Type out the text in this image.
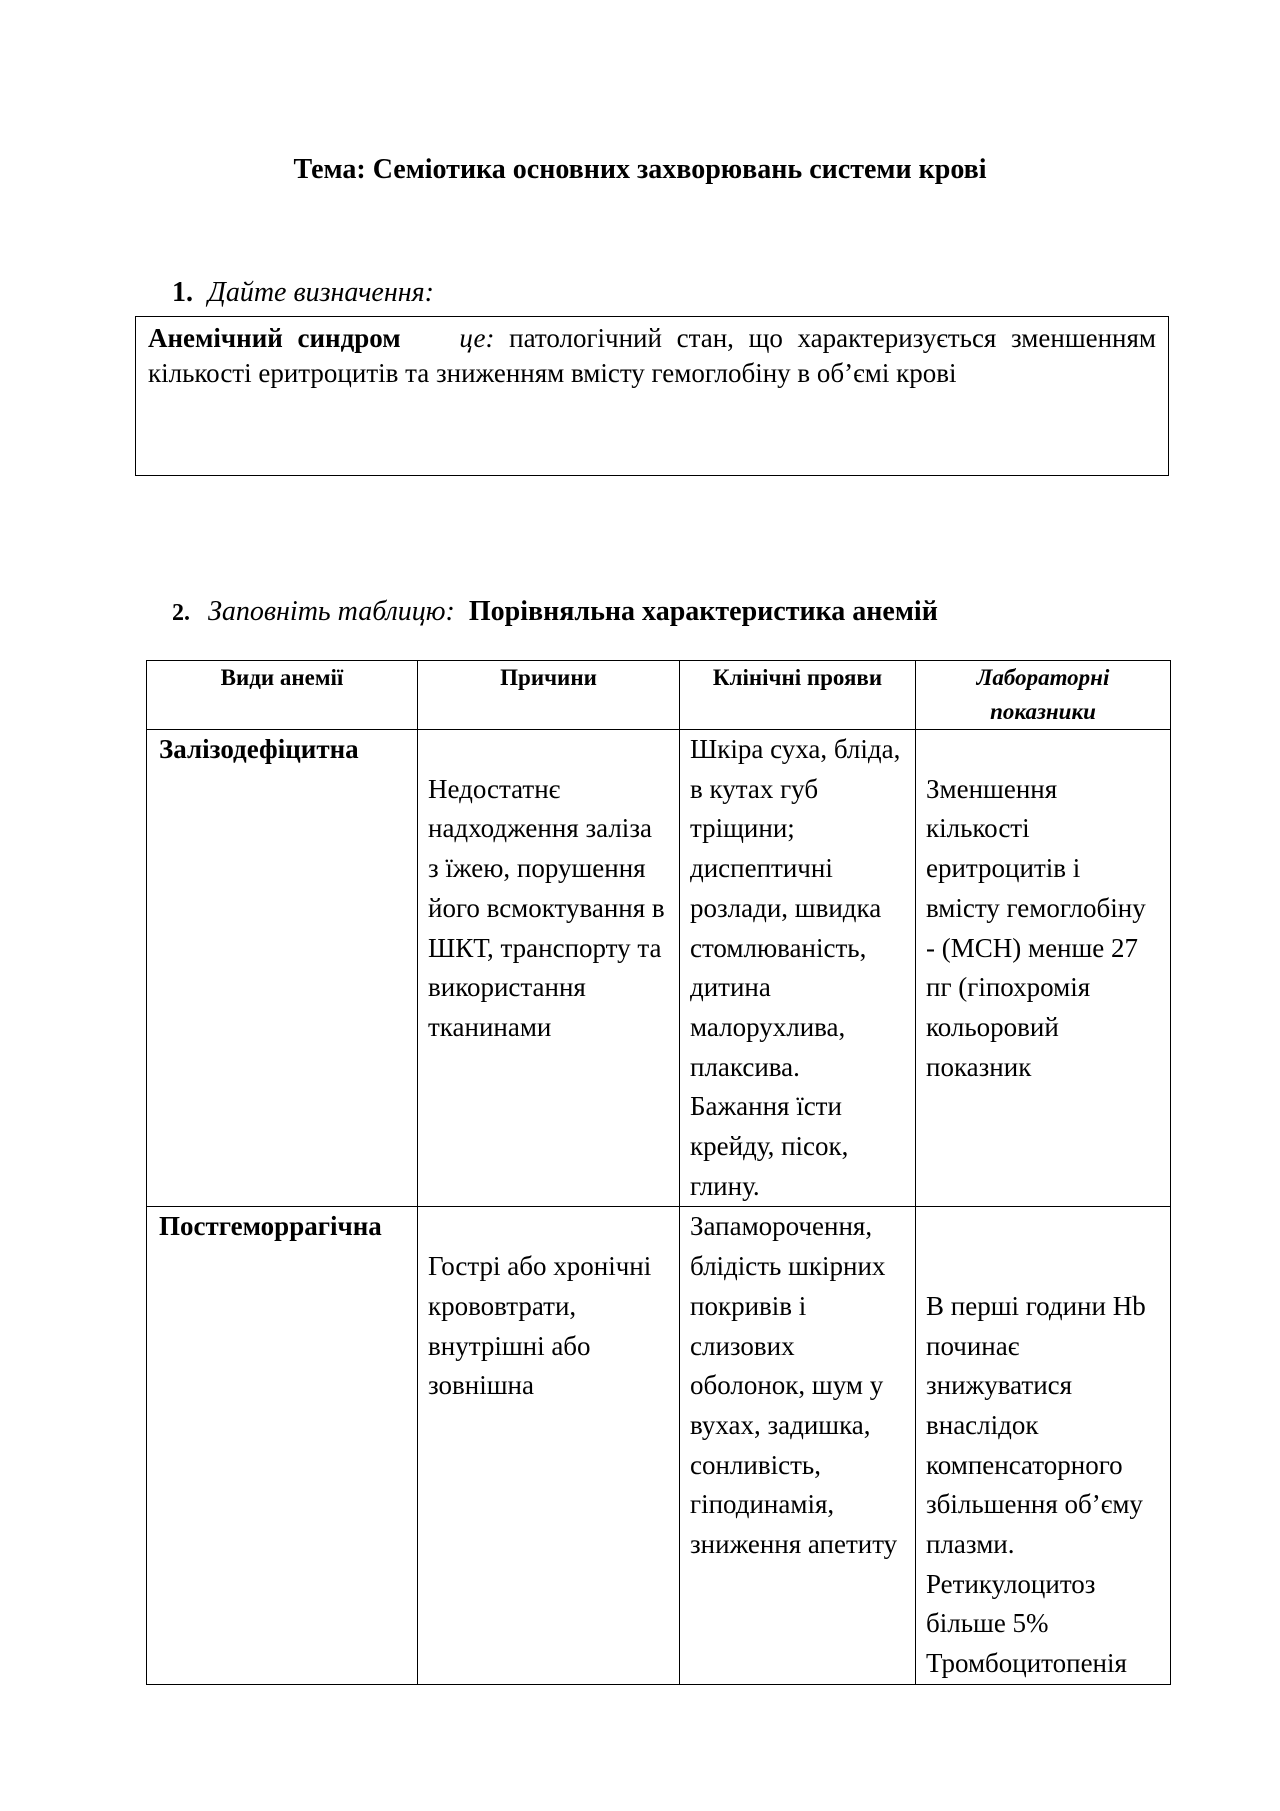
Тема: Семіотика основних захворювань системи крові
1. Дайте визначення:
Анемічний синдром це: патологічний стан, що характеризується зменшенням кількості еритроцитів та зниженням вмісту гемоглобіну в об’ємі крові
2. Заповніть таблицю: Порівняльна характеристика анемій
Види анемії	Причини	Клінічні прояви	Лабораторні показники
Залізодефіцитна	Недостатнє надходження заліза з їжею, порушення його всмоктування в ШКТ, транспорту та використання тканинами	Шкіра суха, бліда, в кутах губ тріщини; диспептичні розлади, швидка стомлюваність, дитина малорухлива, плаксива. Бажання їсти крейду, пісок, глину.	Зменшення кількості еритроцитів і вмісту гемоглобіну - (MCH) менше 27 пг (гіпохромія кольоровий показник
Постгеморрагічна	Гострі або хронічні крововтрати, внутрішні або зовнішна	Запаморочення, блідість шкірних покривів і слизових оболонок, шум у вухах, задишка, сонливість, гіподинамія, зниження апетиту	В перші години Hb починає знижуватися внаслідок компенсаторного збільшення об’єму плазми. Ретикулоцитоз більше 5% Тромбоцитопенія
